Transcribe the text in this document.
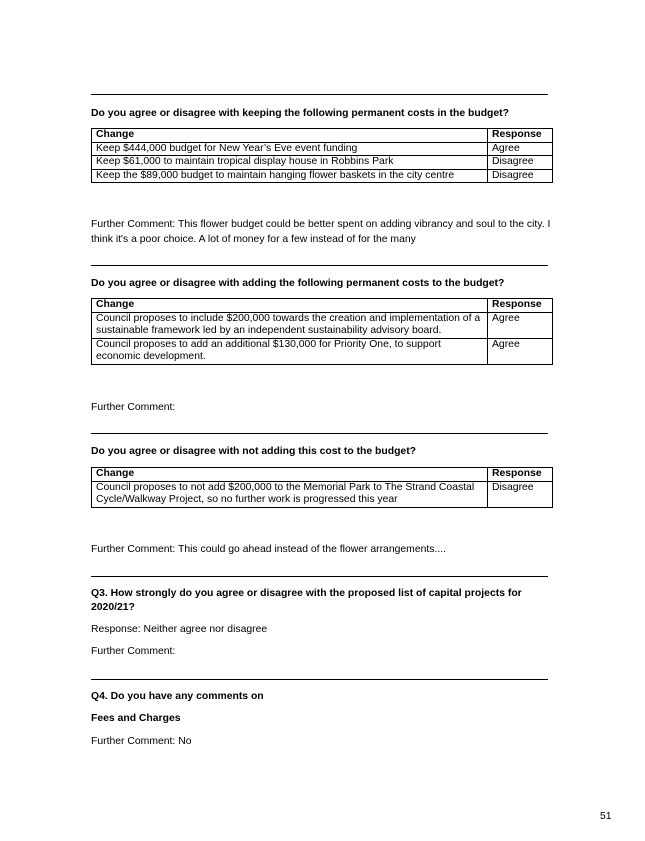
Do you agree or disagree with keeping the following permanent costs in the budget?
Change	Response
Keep $444,000 budget for New Year’s Eve event funding	Agree
Keep $61,000 to maintain tropical display house in Robbins Park	Disagree
Keep the $89,000 budget to maintain hanging flower baskets in the city centre	Disagree
Further Comment: This flower budget could be better spent on adding vibrancy and soul to the city. I think it's a poor choice. A lot of money for a few instead of for the many
Do you agree or disagree with adding the following permanent costs to the budget?
Change	Response
Council proposes to include $200,000 towards the creation and implementation of a sustainable framework led by an independent sustainability advisory board.	Agree
Council proposes to add an additional $130,000 for Priority One, to support economic development.	Agree
Further Comment:
Do you agree or disagree with not adding this cost to the budget?
Change	Response
Council proposes to not add $200,000 to the Memorial Park to The Strand Coastal Cycle/Walkway Project, so no further work is progressed this year	Disagree
Further Comment: This could go ahead instead of the flower arrangements....
Q3. How strongly do you agree or disagree with the proposed list of capital projects for 2020/21?
Response: Neither agree nor disagree
Further Comment:
Q4. Do you have any comments on
Fees and Charges
Further Comment: No
51
